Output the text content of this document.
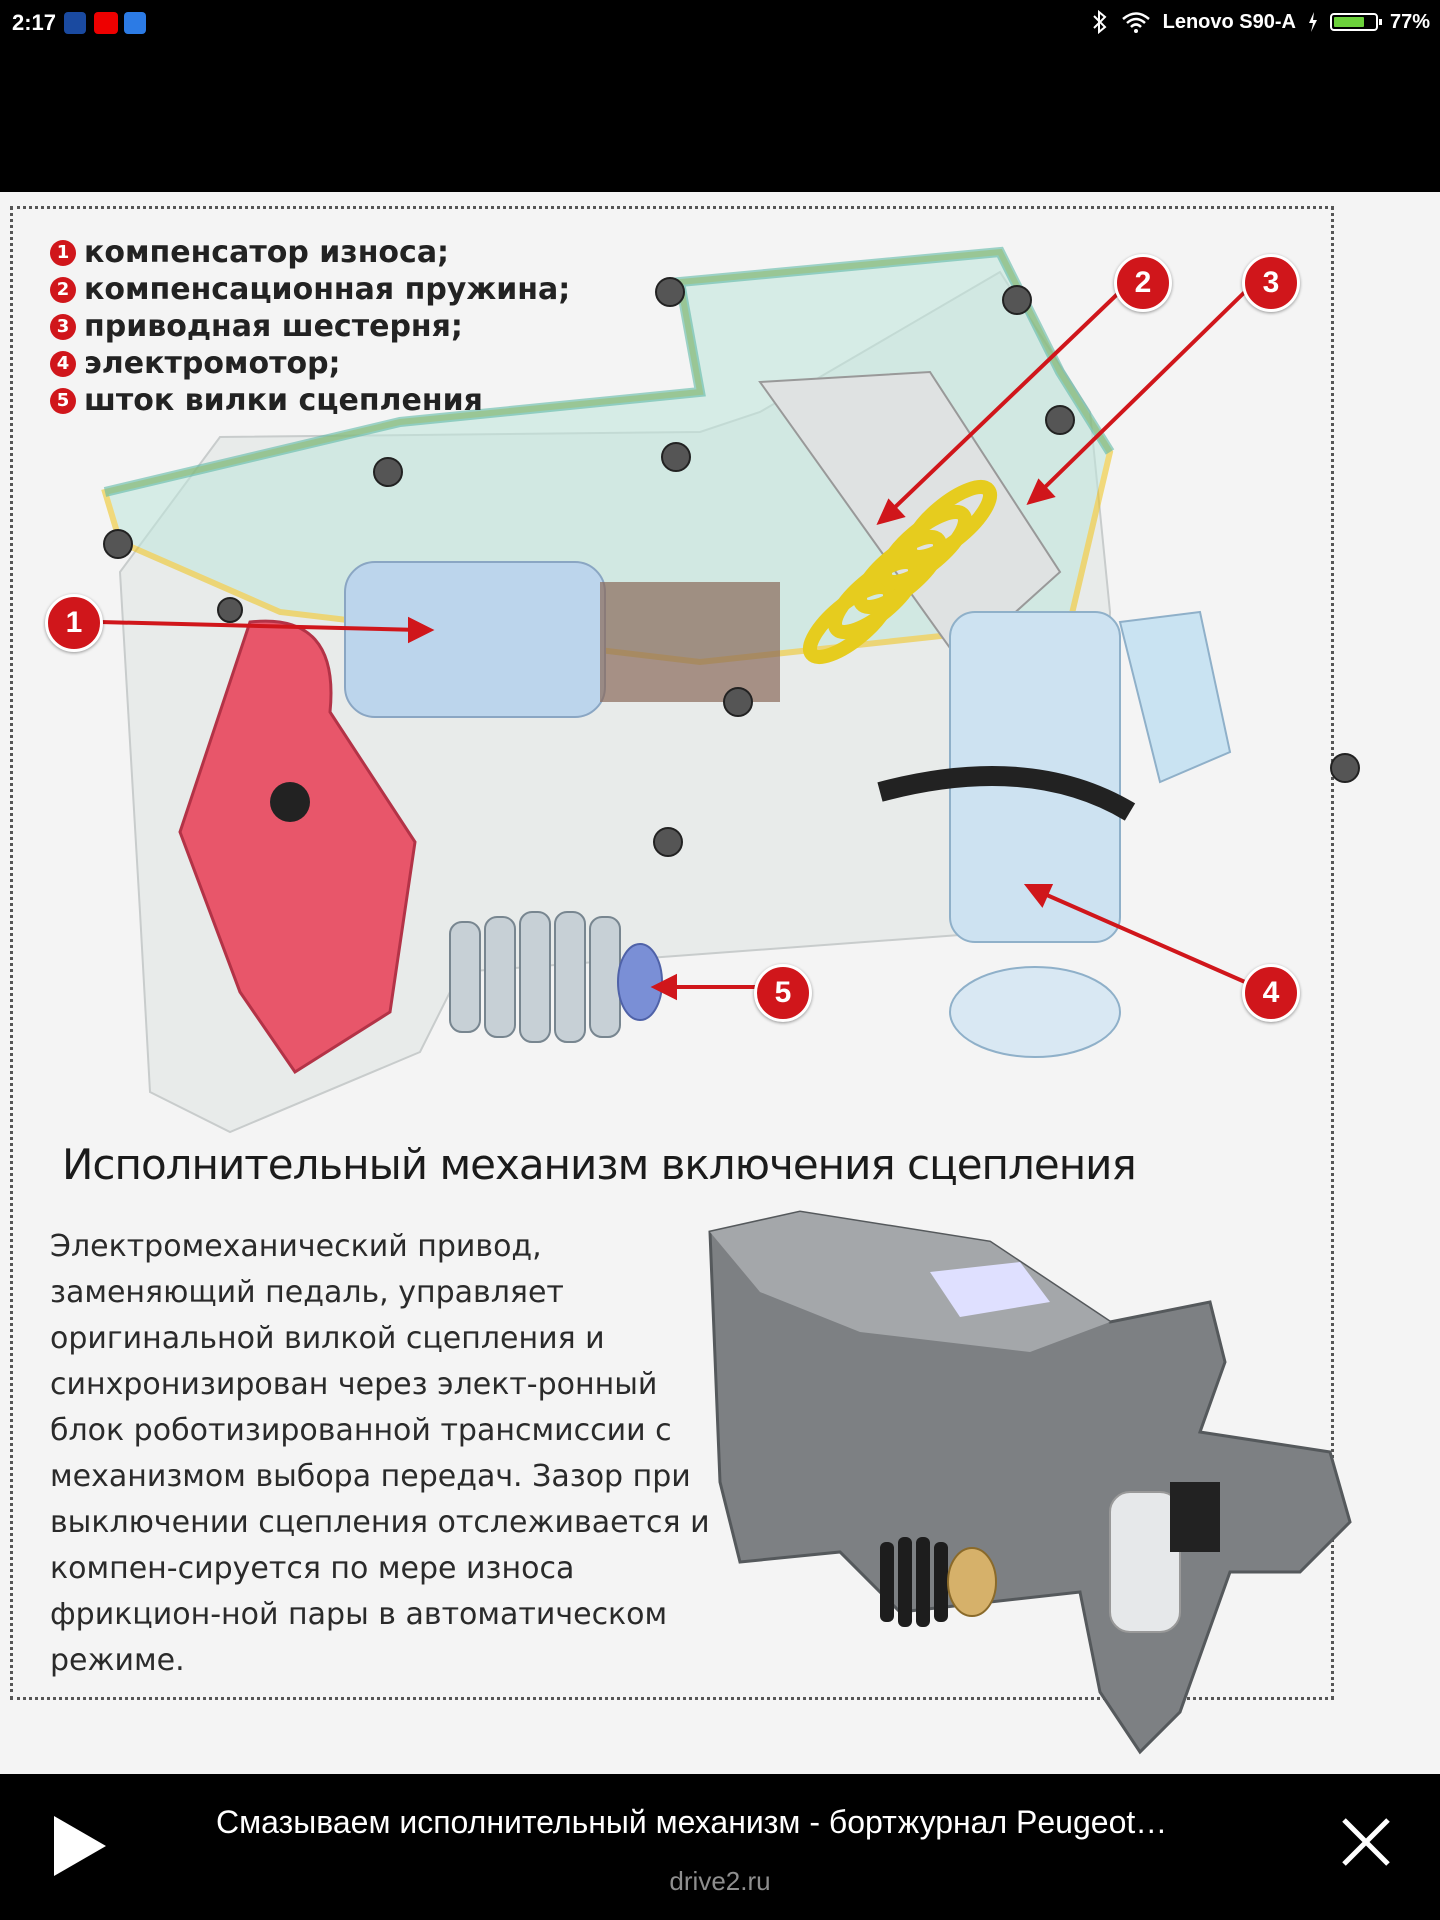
2:17	Lenovo S90-A	77%
1 компенсатор износа;
2 компенсационная пружина;
3 приводная шестерня;
4 электромотор;
5 шток вилки сцепления
1
2	3
4
5
Исполнительный механизм включения сцепления

Электромеханический привод, заменяющий педаль, управляет оригинальной вилкой сцепления и синхронизирован через элект-ронный блок роботизированной трансмиссии с механизмом выбора передач. Зазор при выключении сцепления отслеживается и компен-сируется по мере износа фрикцион-ной пары в автоматическом режиме.

Смазываем исполнительный механизм - бортжурнал Peugeot…
drive2.ru
